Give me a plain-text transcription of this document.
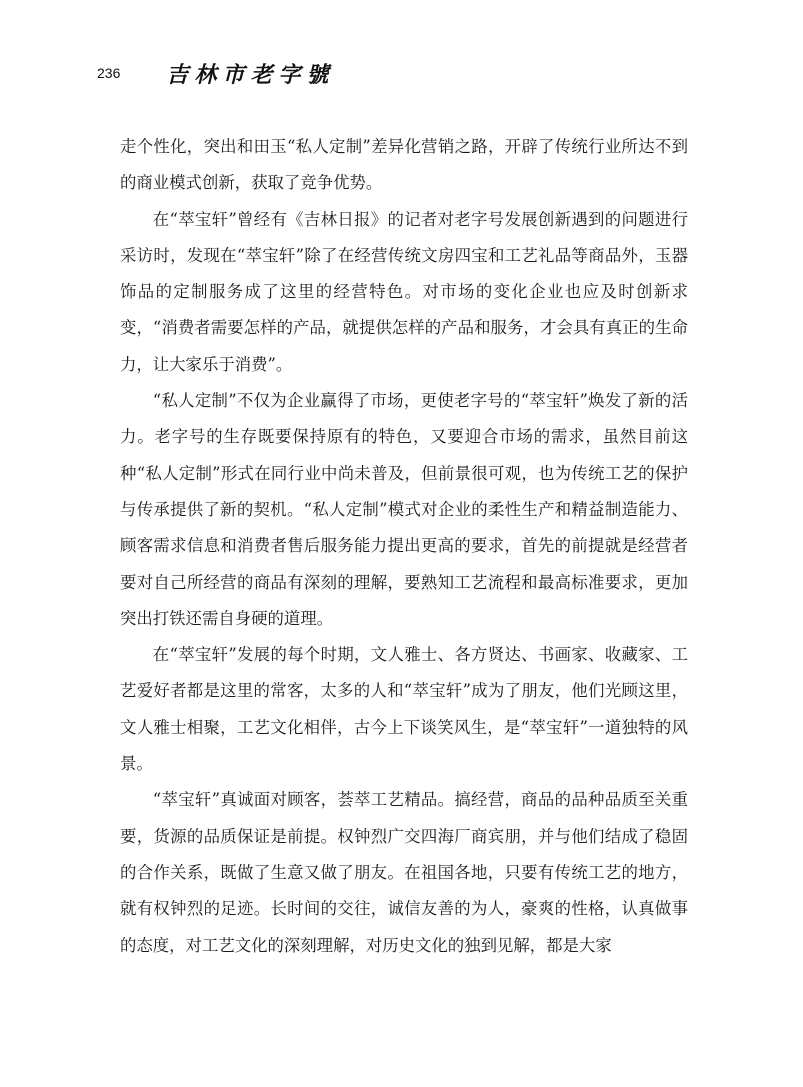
236 吉林市老字號

走个性化，突出和田玉“私人定制”差异化营销之路，开辟了传统行业所达不到的商业模式创新，获取了竞争优势。

在“萃宝轩”曾经有《吉林日报》的记者对老字号发展创新遇到的问题进行采访时，发现在“萃宝轩”除了在经营传统文房四宝和工艺礼品等商品外，玉器饰品的定制服务成了这里的经营特色。对市场的变化企业也应及时创新求变，“消费者需要怎样的产品，就提供怎样的产品和服务，才会具有真正的生命力，让大家乐于消费”。

“私人定制”不仅为企业赢得了市场，更使老字号的“萃宝轩”焕发了新的活力。老字号的生存既要保持原有的特色，又要迎合市场的需求，虽然目前这种“私人定制”形式在同行业中尚未普及，但前景很可观，也为传统工艺的保护与传承提供了新的契机。“私人定制”模式对企业的柔性生产和精益制造能力、顾客需求信息和消费者售后服务能力提出更高的要求，首先的前提就是经营者要对自己所经营的商品有深刻的理解，要熟知工艺流程和最高标准要求，更加突出打铁还需自身硬的道理。

在“萃宝轩”发展的每个时期，文人雅士、各方贤达、书画家、收藏家、工艺爱好者都是这里的常客，太多的人和“萃宝轩”成为了朋友，他们光顾这里，文人雅士相聚，工艺文化相伴，古今上下谈笑风生，是“萃宝轩”一道独特的风景。

“萃宝轩”真诚面对顾客，荟萃工艺精品。搞经营，商品的品种品质至关重要，货源的品质保证是前提。权钟烈广交四海厂商宾朋，并与他们结成了稳固的合作关系，既做了生意又做了朋友。在祖国各地，只要有传统工艺的地方，就有权钟烈的足迹。长时间的交往，诚信友善的为人，豪爽的性格，认真做事的态度，对工艺文化的深刻理解，对历史文化的独到见解，都是大家
